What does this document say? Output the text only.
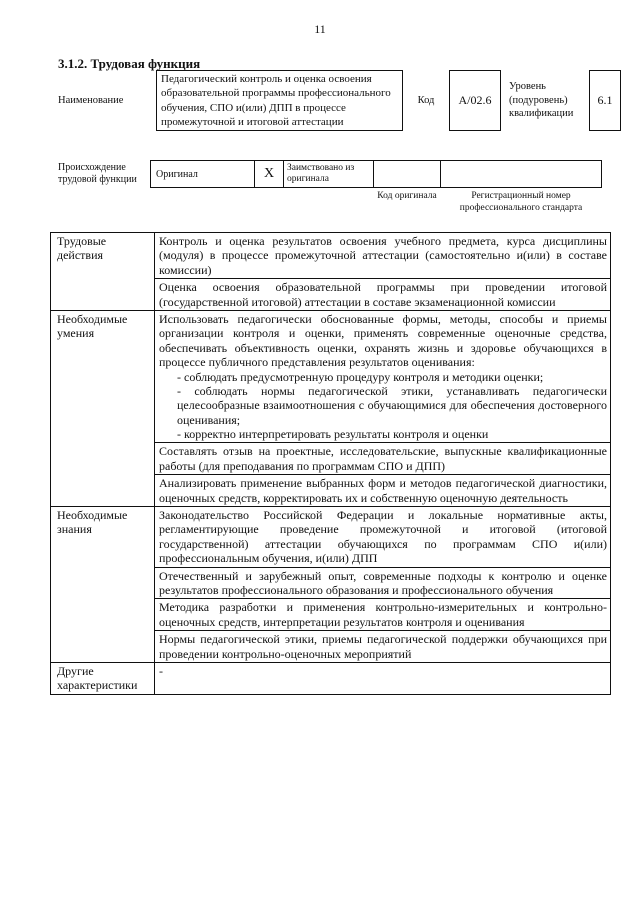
11
3.1.2. Трудовая функция
Наименование	Педагогический контроль и оценка освоения образовательной программы профессионального обучения, СПО и(или) ДПП в процессе промежуточной и итоговой аттестации	Код	А/02.6	Уровень (подуровень) квалификации	6.1
Происхождение трудовой функции	Оригинал	X	Заимствовано из оригинала		
				Код оригинала	Регистрационный номер профессионального стандарта
Трудовые действия	Контроль и оценка результатов освоения учебного предмета, курса дисциплины (модуля) в процессе промежуточной аттестации (самостоятельно и(или) в составе комиссии)

	Оценка освоения образовательной программы при проведении итоговой (государственной итоговой) аттестации в составе экзаменационной комиссии

Необходимые умения	Использовать педагогически обоснованные формы, методы, способы и приемы организации контроля и оценки, применять современные оценочные средства, обеспечивать объективность оценки, охранять жизнь и здоровье обучающихся в процессе публичного представления результатов оценивания:
- соблюдать предусмотренную процедуру контроля и методики оценки;
- соблюдать нормы педагогической этики, устанавливать педагогически целесообразные взаимоотношения с обучающимися для обеспечения достоверного оценивания;
- корректно интерпретировать результаты контроля и оценки

	Составлять отзыв на проектные, исследовательские, выпускные квалификационные работы (для преподавания по программам СПО и ДПП)

	Анализировать применение выбранных форм и методов педагогической диагностики, оценочных средств, корректировать их и собственную оценочную деятельность

Необходимые знания	Законодательство Российской Федерации и локальные нормативные акты, регламентирующие проведение промежуточной и итоговой (итоговой государственной) аттестации обучающихся по программам СПО и(или) профессиональным обучения, и(или) ДПП

	Отечественный и зарубежный опыт, современные подходы к контролю и оценке результатов профессионального образования и профессионального обучения

	Методика разработки и применения контрольно-измерительных и контрольно-оценочных средств, интерпретации результатов контроля и оценивания

	Нормы педагогической этики, приемы педагогической поддержки обучающихся при проведении контрольно-оценочных мероприятий

Другие характеристики	-
